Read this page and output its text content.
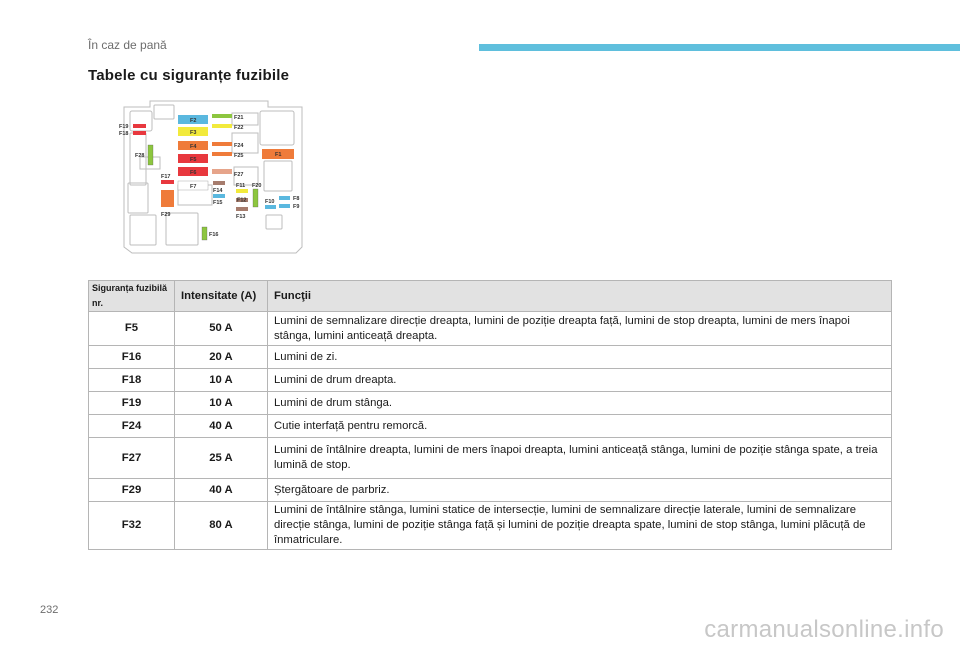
În caz de pană
Tabele cu siguranțe fuzibile
F19
F18
F28
F2
F3
F4
F5
F6
F7
F14
F15
F17
F29
F16
F21
F22
F24
F25
F27
F11
F12
F13
F20
F10	F8
F9
F1
Siguranța fuzibilă nr.	Intensitate (A)	Funcţii
F5	50 A	Lumini de semnalizare direcție dreapta, lumini de poziție dreapta față, lumini de stop dreapta, lumini de mers înapoi stânga, lumini anticeață dreapta.
F16	20 A	Lumini de zi.
F18	10 A	Lumini de drum dreapta.
F19	10 A	Lumini de drum stânga.
F24	40 A	Cutie interfață pentru remorcă.
F27	25 A	Lumini de întâlnire dreapta, lumini de mers înapoi dreapta, lumini anticeață stânga, lumini de poziție stânga spate, a treia lumină de stop.
F29	40 A	Ștergătoare de parbriz.
F32	80 A	Lumini de întâlnire stânga, lumini statice de intersecție, lumini de semnalizare direcție laterale, lumini de semnalizare direcție stânga, lumini de poziție stânga față și lumini de poziție dreapta spate, lumini de stop stânga, lumini plăcuță de înmatriculare.
232
carmanualsonline.info
